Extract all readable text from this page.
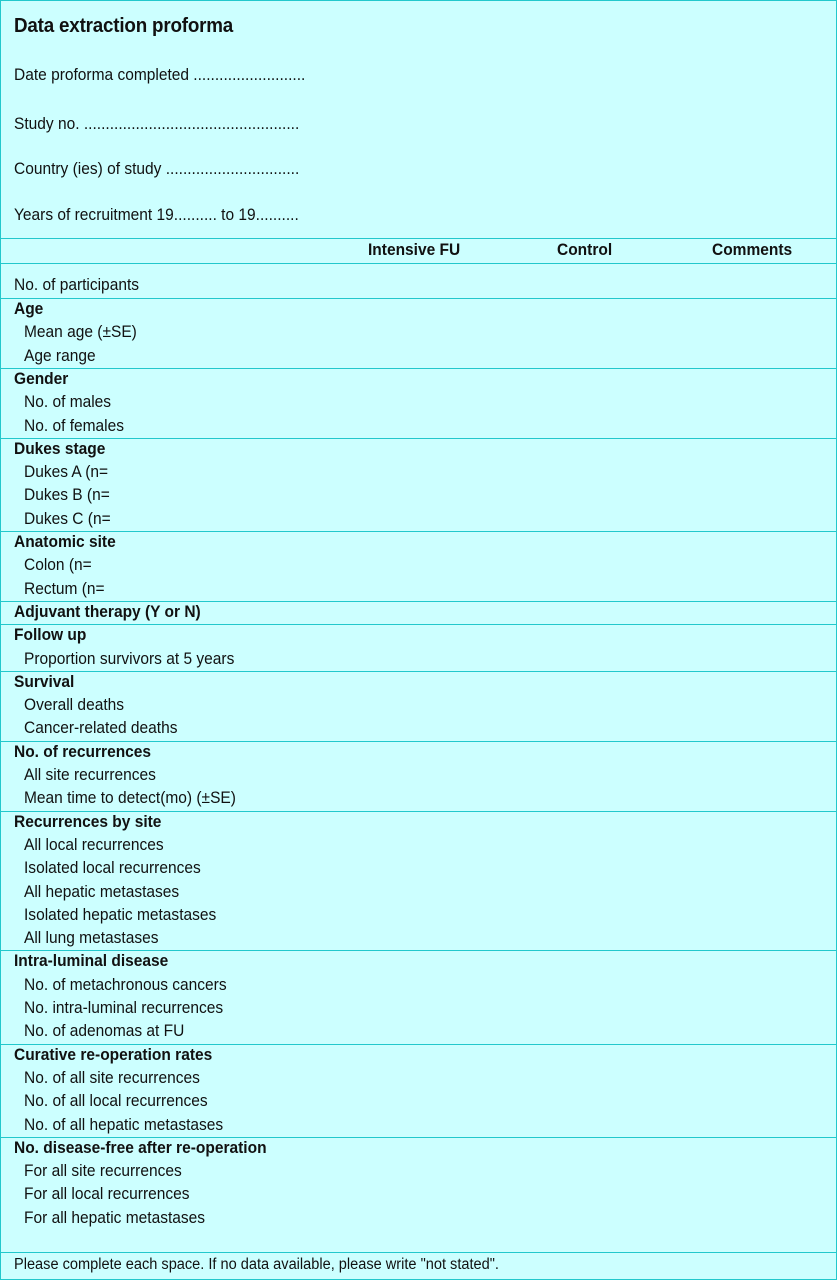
Data extraction proforma
Date proforma completed ..........................
Study no. ..................................................
Country (ies) of study ...............................
Years of recruitment 19.......... to 19..........
Intensive FU	Control	Comments
No. of participants
Please complete each space. If no data available, please write "not stated".
Age
Mean age (±SE)
Age range
Gender
No. of males
No. of females
Dukes stage
Dukes A (n=
Dukes B (n=
Dukes C (n=
Anatomic site
Colon (n=
Rectum (n=
Adjuvant therapy (Y or N)
Follow up
Proportion survivors at 5 years
Survival
Overall deaths
Cancer-related deaths
No. of recurrences
All site recurrences
Mean time to detect(mo) (±SE)
Recurrences by site
All local recurrences
Isolated local recurrences
All hepatic metastases
Isolated hepatic metastases
All lung metastases
Intra-luminal disease
No. of metachronous cancers
No. intra-luminal recurrences
No. of adenomas at FU
Curative re-operation rates
No. of all site recurrences
No. of all local recurrences
No. of all hepatic metastases
No. disease-free after re-operation
For all site recurrences
For all local recurrences
For all hepatic metastases
